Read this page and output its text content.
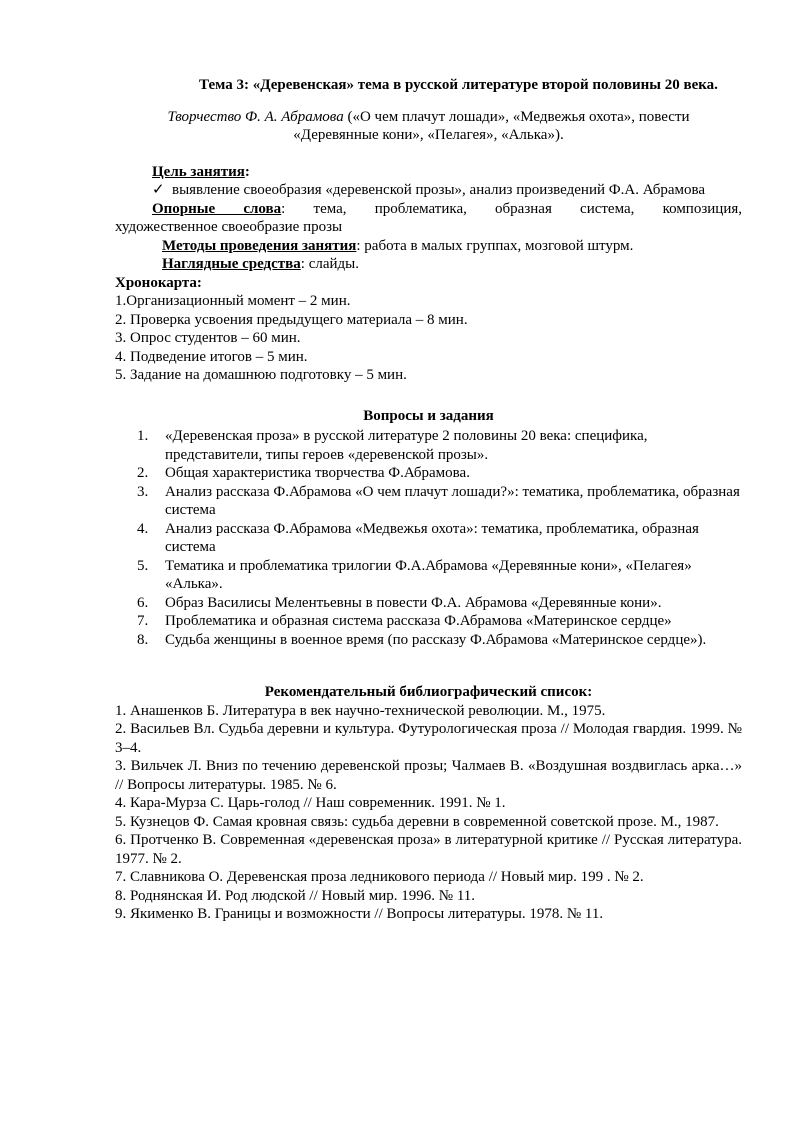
Тема 3: «Деревенская» тема в русской литературе второй половины 20 века.

Творчество Ф. А. Абрамова («О чем плачут лошади», «Медвежья охота», повести
«Деревянные кони», «Пелагея», «Алька»).

Цель занятия:
✓ выявление своеобразия «деревенской прозы», анализ произведений Ф.А. Абрамова
Опорные слова: тема, проблематика, образная система, композиция,
художественное своеобразие прозы
Методы проведения занятия: работа в малых группах, мозговой штурм.
Наглядные средства: слайды.
Хронокарта:
1.Организационный момент – 2 мин.
2. Проверка усвоения предыдущего материала – 8 мин.
3. Опрос студентов – 60 мин.
4. Подведение итогов – 5 мин.
5. Задание на домашнюю подготовку – 5 мин.

Вопросы и задания

1.	«Деревенская проза» в русской литературе 2 половины 20 века: специфика, представители, типы героев «деревенской прозы».
2.	Общая характеристика творчества Ф.Абрамова.
3.	Анализ рассказа Ф.Абрамова «О чем плачут лошади?»: тематика, проблематика, образная система
4.	Анализ рассказа Ф.Абрамова «Медвежья охота»: тематика, проблематика, образная система
5.	Тематика и проблематика трилогии Ф.А.Абрамова «Деревянные кони», «Пелагея» «Алька».
6.	Образ Василисы Мелентьевны в повести Ф.А. Абрамова «Деревянные кони».
7.	Проблематика и образная система рассказа Ф.Абрамова «Материнское сердце»
8.	Судьба женщины в военное время (по рассказу Ф.Абрамова «Материнское сердце»).

Рекомендательный библиографический список:

1. Анашенков Б. Литература в век научно-технической революции. М., 1975.

2. Васильев Вл. Судьба деревни и культура. Футурологическая проза // Молодая гвардия. 1999. № 3–4.

3. Вильчек Л. Вниз по течению деревенской прозы; Чалмаев В. «Воздушная воздвиглась арка…» // Вопросы литературы. 1985. № 6.

4. Кара-Мурза С. Царь-голод // Наш современник. 1991. № 1.

5. Кузнецов Ф. Самая кровная связь: судьба деревни в современной советской прозе. М., 1987.

6. Протченко В. Современная «деревенская проза» в литературной критике // Русская литература. 1977. № 2.

7. Славникова О. Деревенская проза ледникового периода // Новый мир. 199 . № 2.

8. Роднянская И. Род людской // Новый мир. 1996. № 11.

9. Якименко В. Границы и возможности // Вопросы литературы. 1978. № 11.
